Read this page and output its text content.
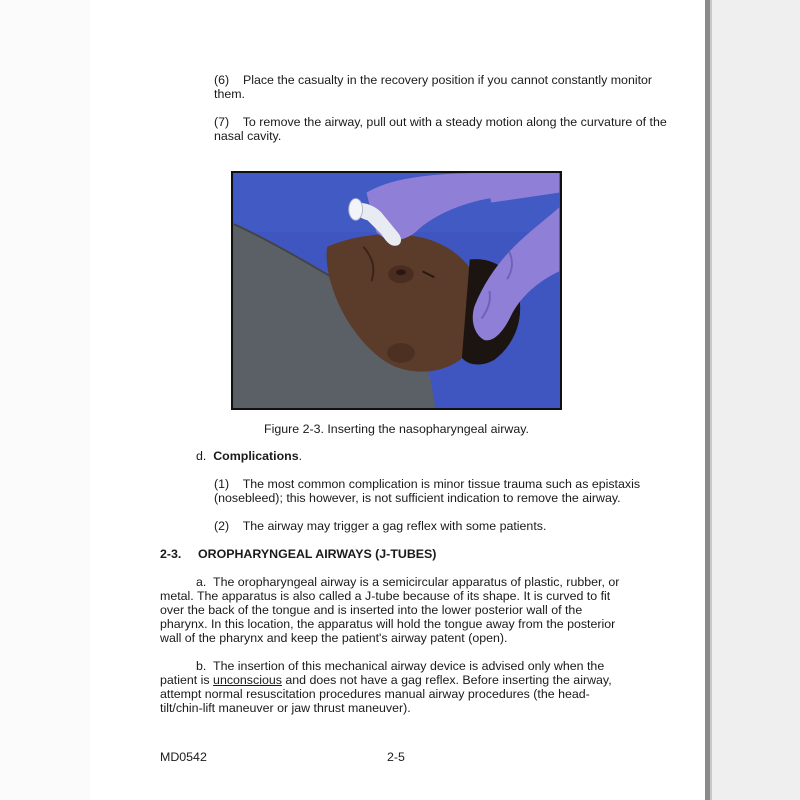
(6) Place the casualty in the recovery position if you cannot constantly monitor them.

(7) To remove the airway, pull out with a steady motion along the curvature of the nasal cavity.

Figure 2-3. Inserting the nasopharyngeal airway.
d. Complications.

(1) The most common complication is minor tissue trauma such as epistaxis (nosebleed); this however, is not sufficient indication to remove the airway.

(2) The airway may trigger a gag reflex with some patients.

2-3. OROPHARYNGEAL AIRWAYS (J-TUBES)

a. The oropharyngeal airway is a semicircular apparatus of plastic, rubber, or metal. The apparatus is also called a J-tube because of its shape. It is curved to fit over the back of the tongue and is inserted into the lower posterior wall of the pharynx. In this location, the apparatus will hold the tongue away from the posterior wall of the pharynx and keep the patient's airway patent (open).

b. The insertion of this mechanical airway device is advised only when the patient is unconscious and does not have a gag reflex. Before inserting the airway, attempt normal resuscitation procedures manual airway procedures (the head-tilt/chin-lift maneuver or jaw thrust maneuver).

MD0542	2-5
